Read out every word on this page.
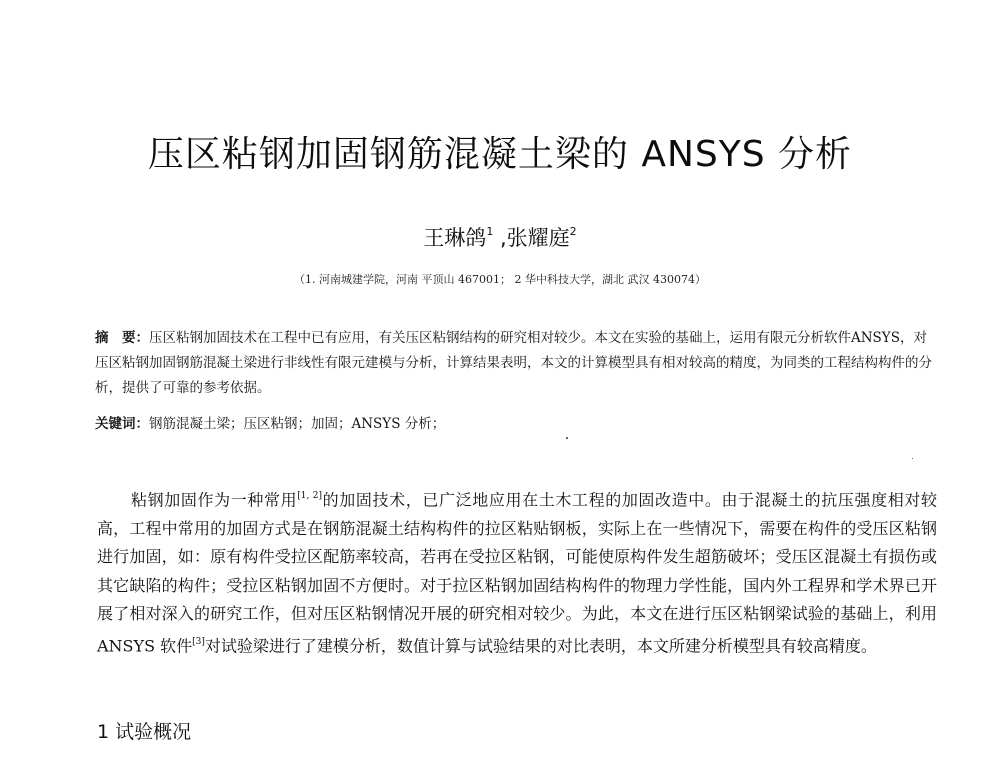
压区粘钢加固钢筋混凝土梁的 ANSYS 分析
王琳鸽$^1$ ,张耀庭$^2$
（1. 河南城建学院，河南 平顶山 467001； 2 华中科技大学，湖北 武汉 430074）
摘　要：压区粘钢加固技术在工程中已有应用，有关压区粘钢结构的研究相对较少。本文在实验的基础上，运用有限元分析软件ANSYS，对压区粘钢加固钢筋混凝土梁进行非线性有限元建模与分析，计算结果表明，本文的计算模型具有相对较高的精度，为同类的工程结构构件的分析，提供了可靠的参考依据。
关键词：钢筋混凝土梁；压区粘钢；加固；ANSYS 分析；
粘钢加固作为一种常用[1, 2]的加固技术，已广泛地应用在土木工程的加固改造中。由于混凝土的抗压强度相对较高，工程中常用的加固方式是在钢筋混凝土结构构件的拉区粘贴钢板，实际上在一些情况下，需要在构件的受压区粘钢进行加固，如：原有构件受拉区配筋率较高，若再在受拉区粘钢，可能使原构件发生超筋破坏；受压区混凝土有损伤或其它缺陷的构件；受拉区粘钢加固不方便时。对于拉区粘钢加固结构构件的物理力学性能，国内外工程界和学术界已开展了相对深入的研究工作，但对压区粘钢情况开展的研究相对较少。为此，本文在进行压区粘钢梁试验的基础上，利用 ANSYS 软件[3]对试验梁进行了建模分析，数值计算与试验结果的对比表明，本文所建分析模型具有较高精度。
1 试验概况
